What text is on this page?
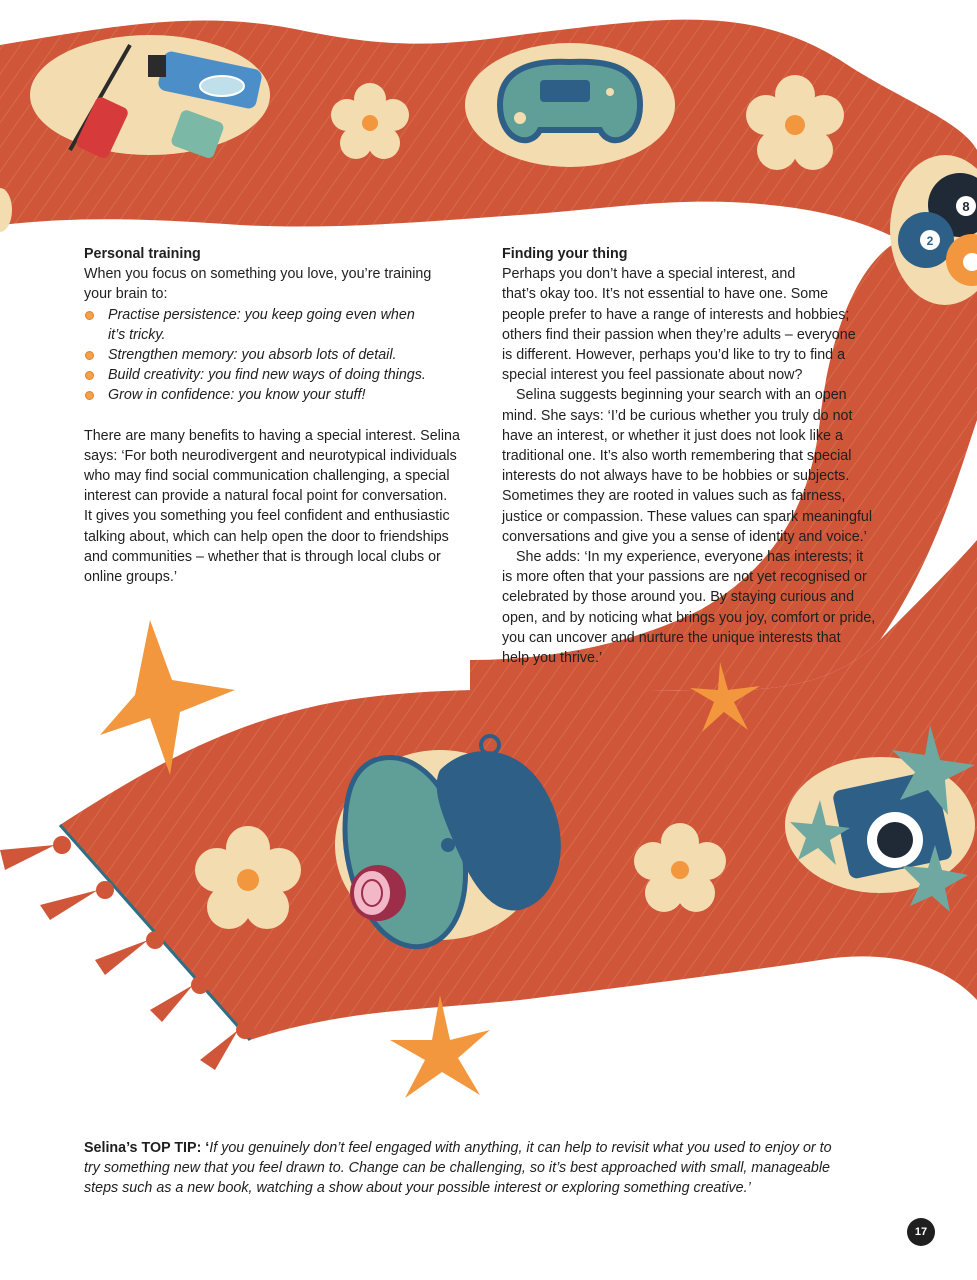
8
2

Personal training

When you focus on something you love, you’re training

your brain to:

Practise persistence: you keep going even when
it’s tricky.
Strengthen memory: you absorb lots of detail.
Build creativity: you find new ways of doing things.
Grow in confidence: you know your stuff!
There are many benefits to having a special interest. Selina
says: ‘For both neurodivergent and neurotypical individuals
who may find social communication challenging, a special
interest can provide a natural focal point for conversation.
It gives you something you feel confident and enthusiastic
talking about, which can help open the door to friendships
and communities – whether that is through local clubs or
online groups.’

Finding your thing

Perhaps you don’t have a special interest, and
that’s okay too. It’s not essential to have one. Some
people prefer to have a range of interests and hobbies;
others find their passion when they’re adults – everyone
is different. However, perhaps you’d like to try to find a
special interest you feel passionate about now?
Selina suggests beginning your search with an open
mind. She says: ‘I’d be curious whether you truly do not
have an interest, or whether it just does not look like a
traditional one. It’s also worth remembering that special
interests do not always have to be hobbies or subjects.
Sometimes they are rooted in values such as fairness,
justice or compassion. These values can spark meaningful
conversations and give you a sense of identity and voice.’
She adds: ‘In my experience, everyone has interests; it
is more often that your passions are not yet recognised or
celebrated by those around you. By staying curious and
open, and by noticing what brings you joy, comfort or pride,
you can uncover and nurture the unique interests that
help you thrive.’
Selina’s TOP TIP: ‘If you genuinely don’t feel engaged with anything, it can help to revisit what you used to enjoy or to
try something new that you feel drawn to. Change can be challenging, so it’s best approached with small, manageable
steps such as a new book, watching a show about your possible interest or exploring something creative.’
17
